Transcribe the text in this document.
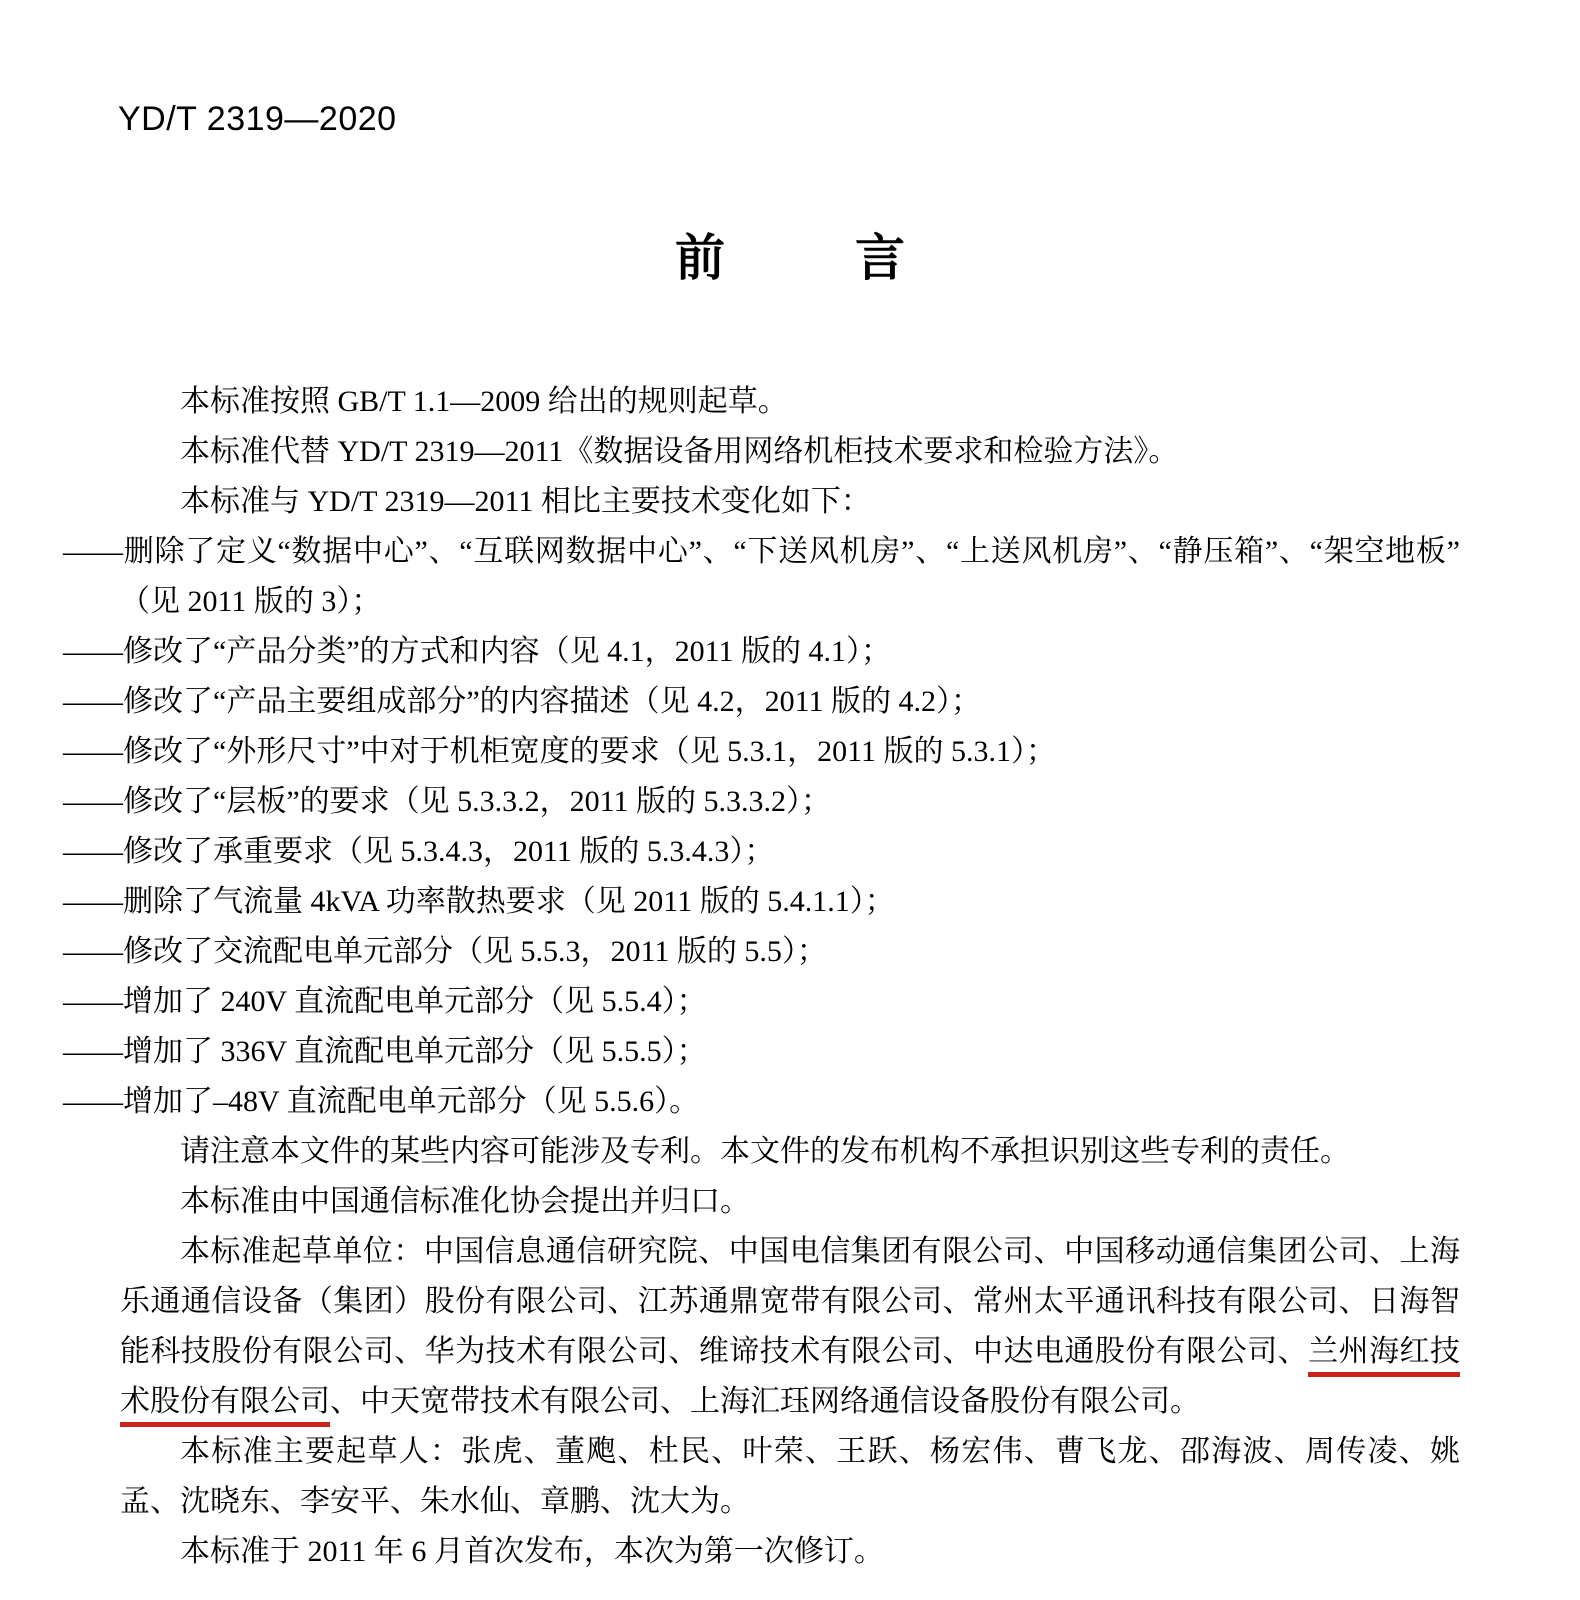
YD/T 2319—2020
前言

本标准按照 GB/T 1.1—2009 给出的规则起草。

本标准代替 YD/T 2319—2011《数据设备用网络机柜技术要求和检验方法》。

本标准与 YD/T 2319—2011 相比主要技术变化如下：

——删除了定义“数据中心”、“互联网数据中心”、“下送风机房”、“上送风机房”、“静压箱”、“架空地板”（见 2011 版的 3）；

——修改了“产品分类”的方式和内容（见 4.1，2011 版的 4.1）；

——修改了“产品主要组成部分”的内容描述（见 4.2，2011 版的 4.2）；

——修改了“外形尺寸”中对于机柜宽度的要求（见 5.3.1，2011 版的 5.3.1）；

——修改了“层板”的要求（见 5.3.3.2，2011 版的 5.3.3.2）；

——修改了承重要求（见 5.3.4.3，2011 版的 5.3.4.3）；

——删除了气流量 4kVA 功率散热要求（见 2011 版的 5.4.1.1）；

——修改了交流配电单元部分（见 5.5.3，2011 版的 5.5）；

——增加了 240V 直流配电单元部分（见 5.5.4）；

——增加了 336V 直流配电单元部分（见 5.5.5）；

——增加了–48V 直流配电单元部分（见 5.5.6）。

请注意本文件的某些内容可能涉及专利。本文件的发布机构不承担识别这些专利的责任。

本标准由中国通信标准化协会提出并归口。

本标准起草单位：中国信息通信研究院、中国电信集团有限公司、中国移动通信集团公司、上海乐通通信设备（集团）股份有限公司、江苏通鼎宽带有限公司、常州太平通讯科技有限公司、日海智能科技股份有限公司、华为技术有限公司、维谛技术有限公司、中达电通股份有限公司、兰州海红技术股份有限公司、中天宽带技术有限公司、上海汇珏网络通信设备股份有限公司。

本标准主要起草人：张虎、董飑、杜民、叶荣、王跃、杨宏伟、曹飞龙、邵海波、周传凌、姚孟、沈晓东、李安平、朱水仙、章鹏、沈大为。

本标准于 2011 年 6 月首次发布，本次为第一次修订。
